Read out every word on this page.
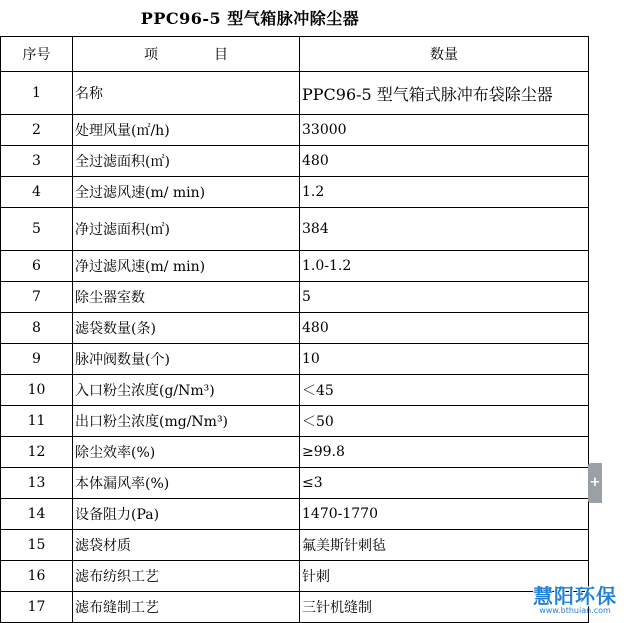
PPC96-5 型气箱脉冲除尘器
序号	项　　　　目	数量
1	名称	PPC96-5 型气箱式脉冲布袋除尘器
2	处理风量(㎡/h)	33000
3	全过滤面积(㎡)	480
4	全过滤风速(m/ min)	1.2
5	净过滤面积(㎡)	384
6	净过滤风速(m/ min)	1.0-1.2
7	除尘器室数	5
8	滤袋数量(条)	480
9	脉冲阀数量(个)	10
10	入口粉尘浓度(g/Nm³)	＜45
11	出口粉尘浓度(mg/Nm³)	＜50
12	除尘效率(%)	≥99.8
13	本体漏风率(%)	≤3
14	设备阻力(Pa)	1470-1770
15	滤袋材质	氟美斯针刺毡
16	滤布纺织工艺	针刺
17	滤布缝制工艺	三针机缝制
+
慧阳环保
www.bthuian.com
